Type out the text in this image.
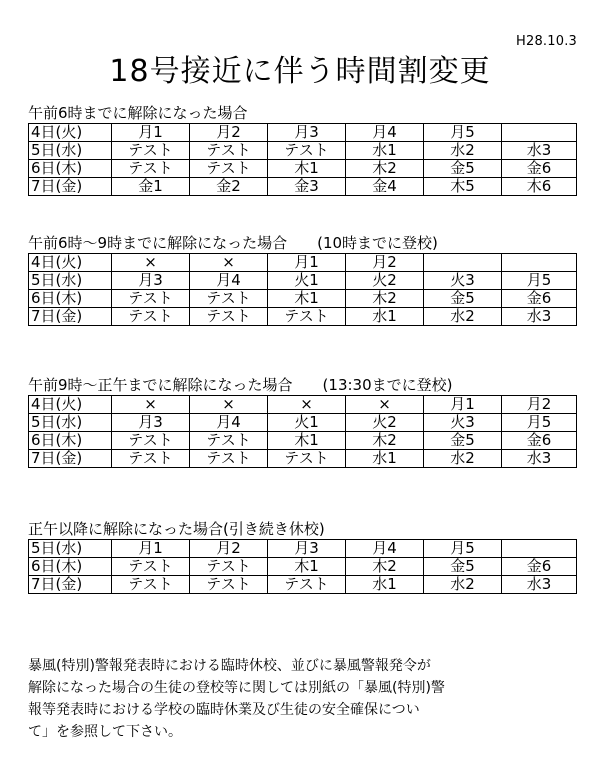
H28.10.3
18号接近に伴う時間割変更
午前6時までに解除になった場合
4日(火)	月1	月2	月3	月4	月5	
5日(水)	テスト	テスト	テスト	水1	水2	水3
6日(木)	テスト	テスト	木1	木2	金5	金6
7日(金)	金1	金2	金3	金4	木5	木6
午前6時～9時までに解除になった場合 (10時までに登校)
4日(火)	×	×	月1	月2		
5日(水)	月3	月4	火1	火2	火3	月5
6日(木)	テスト	テスト	木1	木2	金5	金6
7日(金)	テスト	テスト	テスト	水1	水2	水3
午前9時～正午までに解除になった場合 (13:30までに登校)
4日(火)	×	×	×	×	月1	月2
5日(水)	月3	月4	火1	火2	火3	月5
6日(木)	テスト	テスト	木1	木2	金5	金6
7日(金)	テスト	テスト	テスト	水1	水2	水3
正午以降に解除になった場合(引き続き休校)
5日(水)	月1	月2	月3	月4	月5	
6日(木)	テスト	テスト	木1	木2	金5	金6
7日(金)	テスト	テスト	テスト	水1	水2	水3
暴風(特別)警報発表時における臨時休校、並びに暴風警報発令が
解除になった場合の生徒の登校等に関しては別紙の「暴風(特別)警
報等発表時における学校の臨時休業及び生徒の安全確保につい
て」を参照して下さい。
